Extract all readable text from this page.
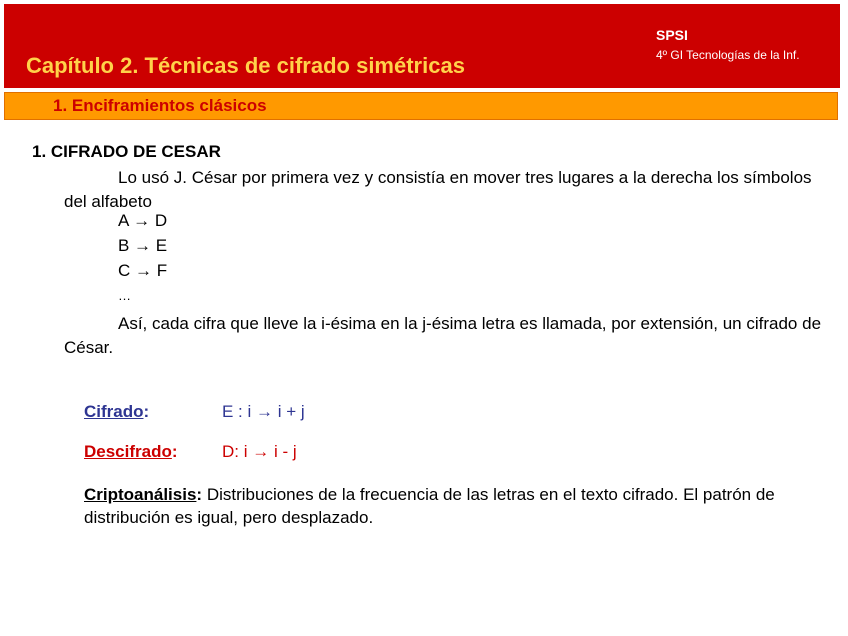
Capítulo 2. Técnicas de cifrado simétricas
SPSI
4º GI Tecnologías de la Inf.
1. Enciframientos clásicos
1. CIFRADO DE CESAR
Lo usó J. César por primera vez y consistía en mover tres lugares a la derecha los símbolos del alfabeto
A → D
B → E
C → F
…
Así, cada cifra que lleve la i-ésima en la j-ésima letra es llamada, por extensión, un cifrado de César.
Cifrado:	E : i → i + j
Descifrado:	D: i → i - j
Criptoanálisis: Distribuciones de la frecuencia de las letras en el texto cifrado. El patrón de distribución es igual, pero desplazado.
